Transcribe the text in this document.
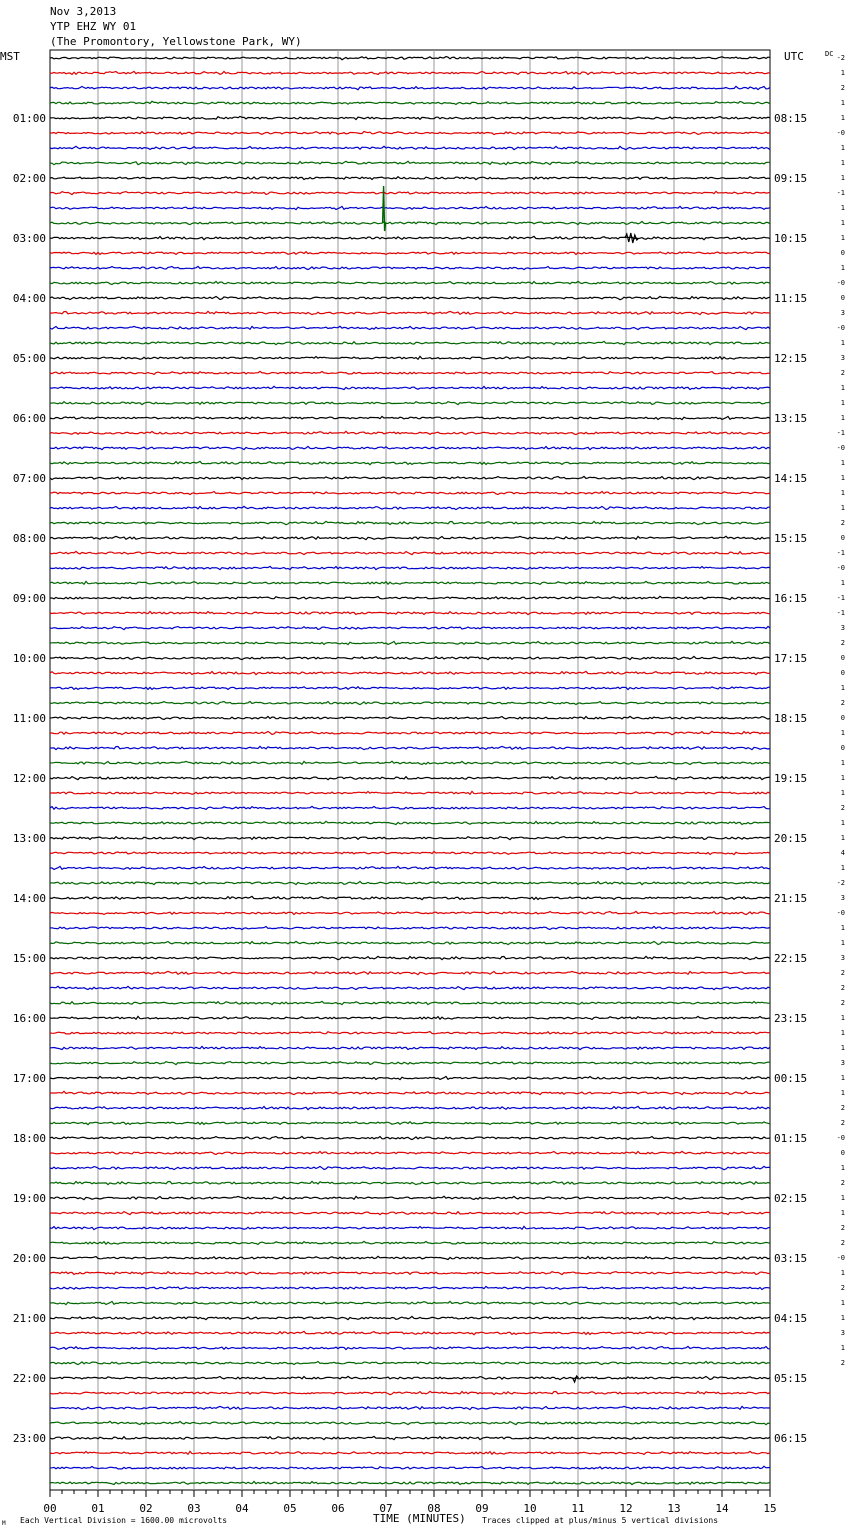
Nov 3,2013
YTP EHZ WY 01
(The Promontory, Yellowstone Park, WY)
MST	UTC	DC
01:00
02:00
03:00
04:00
05:00
06:00
07:00
08:00
09:00
10:00
11:00
12:00
13:00
14:00
15:00
16:00
17:00
18:00
19:00
20:00
21:00
22:00
23:00
08:15
09:15
10:15
11:15
12:15
13:15
14:15
15:15
16:15
17:15
18:15
19:15
20:15
21:15
22:15
23:15
00:15
01:15
02:15
03:15
04:15
05:15
06:15
-2
1
2
1
1
-0
1
1
1
-1
1
1
1
0
1
-0
0
3
-0
1
3
2
1
1
1
-1
-0
1
1
1
1
2
0
-1
-0
1
-1
-1
3
2
0
0
1
2
0
1
0
1
1
1
2
1
1
4
1
-2
3
-0
1
1
3
2
2
2
1
1
1
3
1
1
2
2
-0
0
1
2
1
1
2
2
-0
1
2
1
1
3
1
2
00	01	02	03	04	05	06	07	08	09	10	11	12	13	14	15
Each Vertical Division = 1600.00 microvolts	TIME (MINUTES) Traces clipped at plus/minus 5 vertical divisions
M
